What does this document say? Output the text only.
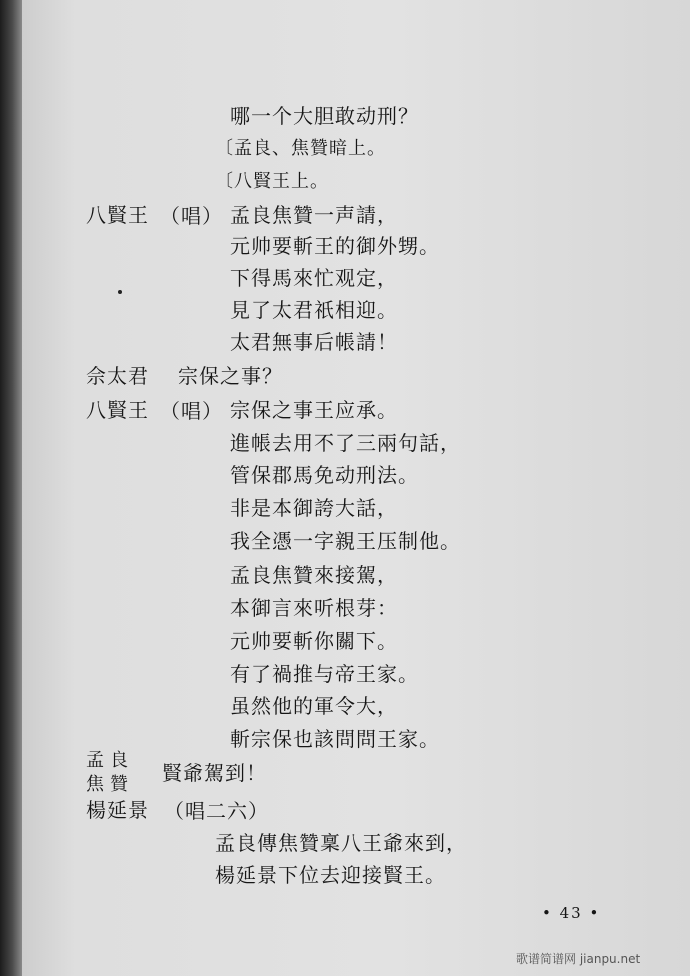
哪一个大胆敢动刑？
〔孟良、焦贊暗上。
〔八賢王上。
八賢王 （唱） 孟良焦贊一声請，
元帅要斬王的御外甥。
下得馬來忙观定，
見了太君祇相迎。
太君無事后帳請！
佘太君 宗保之事？
八賢王 （唱） 宗保之事王应承。
進帳去用不了三兩句話，
管保郡馬免动刑法。
非是本御誇大話，
我全憑一字親王压制他。
孟良焦贊來接駕，
本御言來听根芽：
元帅要斬你關下。
有了禍推与帝王家。
虽然他的軍令大，
斬宗保也該問問王家。
孟良
焦贊 賢爺駕到！
楊延景 （唱二六）
孟良傳焦贊稟八王爺來到，
楊延景下位去迎接賢王。
• 43 •
歌谱简谱网 jianpu.net
